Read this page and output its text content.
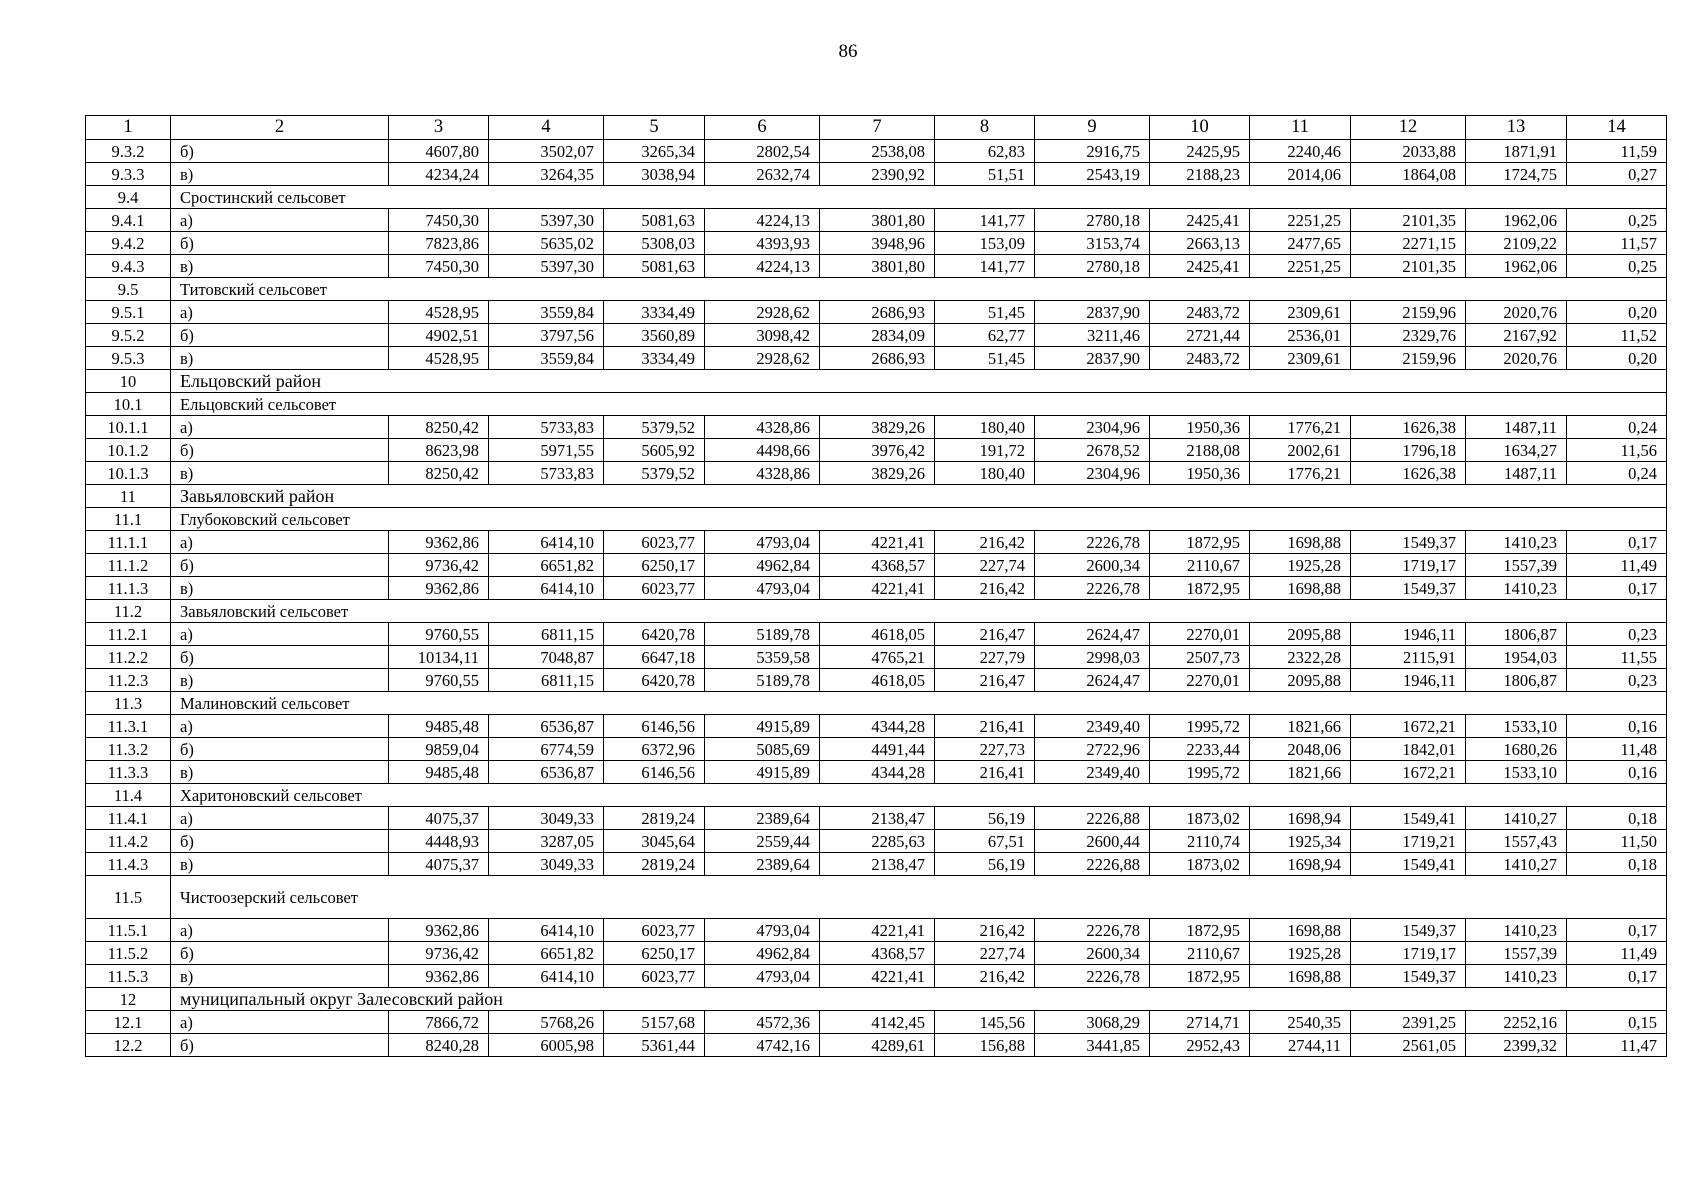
86
1	2	3	4	5	6	7	8	9	10	11	12	13	14
9.3.2	б)	4607,80	3502,07	3265,34	2802,54	2538,08	62,83	2916,75	2425,95	2240,46	2033,88	1871,91	11,59
9.3.3	в)	4234,24	3264,35	3038,94	2632,74	2390,92	51,51	2543,19	2188,23	2014,06	1864,08	1724,75	0,27
9.4	Сростинский сельсовет												
9.4.1	а)	7450,30	5397,30	5081,63	4224,13	3801,80	141,77	2780,18	2425,41	2251,25	2101,35	1962,06	0,25
9.4.2	б)	7823,86	5635,02	5308,03	4393,93	3948,96	153,09	3153,74	2663,13	2477,65	2271,15	2109,22	11,57
9.4.3	в)	7450,30	5397,30	5081,63	4224,13	3801,80	141,77	2780,18	2425,41	2251,25	2101,35	1962,06	0,25
9.5	Титовский сельсовет												
9.5.1	а)	4528,95	3559,84	3334,49	2928,62	2686,93	51,45	2837,90	2483,72	2309,61	2159,96	2020,76	0,20
9.5.2	б)	4902,51	3797,56	3560,89	3098,42	2834,09	62,77	3211,46	2721,44	2536,01	2329,76	2167,92	11,52
9.5.3	в)	4528,95	3559,84	3334,49	2928,62	2686,93	51,45	2837,90	2483,72	2309,61	2159,96	2020,76	0,20
10	Ельцовский район												
10.1	Ельцовский сельсовет												
10.1.1	а)	8250,42	5733,83	5379,52	4328,86	3829,26	180,40	2304,96	1950,36	1776,21	1626,38	1487,11	0,24
10.1.2	б)	8623,98	5971,55	5605,92	4498,66	3976,42	191,72	2678,52	2188,08	2002,61	1796,18	1634,27	11,56
10.1.3	в)	8250,42	5733,83	5379,52	4328,86	3829,26	180,40	2304,96	1950,36	1776,21	1626,38	1487,11	0,24
11	Завьяловский район												
11.1	Глубоковский сельсовет												
11.1.1	а)	9362,86	6414,10	6023,77	4793,04	4221,41	216,42	2226,78	1872,95	1698,88	1549,37	1410,23	0,17
11.1.2	б)	9736,42	6651,82	6250,17	4962,84	4368,57	227,74	2600,34	2110,67	1925,28	1719,17	1557,39	11,49
11.1.3	в)	9362,86	6414,10	6023,77	4793,04	4221,41	216,42	2226,78	1872,95	1698,88	1549,37	1410,23	0,17
11.2	Завьяловский сельсовет												
11.2.1	а)	9760,55	6811,15	6420,78	5189,78	4618,05	216,47	2624,47	2270,01	2095,88	1946,11	1806,87	0,23
11.2.2	б)	10134,11	7048,87	6647,18	5359,58	4765,21	227,79	2998,03	2507,73	2322,28	2115,91	1954,03	11,55
11.2.3	в)	9760,55	6811,15	6420,78	5189,78	4618,05	216,47	2624,47	2270,01	2095,88	1946,11	1806,87	0,23
11.3	Малиновский сельсовет												
11.3.1	а)	9485,48	6536,87	6146,56	4915,89	4344,28	216,41	2349,40	1995,72	1821,66	1672,21	1533,10	0,16
11.3.2	б)	9859,04	6774,59	6372,96	5085,69	4491,44	227,73	2722,96	2233,44	2048,06	1842,01	1680,26	11,48
11.3.3	в)	9485,48	6536,87	6146,56	4915,89	4344,28	216,41	2349,40	1995,72	1821,66	1672,21	1533,10	0,16
11.4	Харитоновский сельсовет												
11.4.1	а)	4075,37	3049,33	2819,24	2389,64	2138,47	56,19	2226,88	1873,02	1698,94	1549,41	1410,27	0,18
11.4.2	б)	4448,93	3287,05	3045,64	2559,44	2285,63	67,51	2600,44	2110,74	1925,34	1719,21	1557,43	11,50
11.4.3	в)	4075,37	3049,33	2819,24	2389,64	2138,47	56,19	2226,88	1873,02	1698,94	1549,41	1410,27	0,18
11.5	Чистоозерский сельсовет												
11.5.1	а)	9362,86	6414,10	6023,77	4793,04	4221,41	216,42	2226,78	1872,95	1698,88	1549,37	1410,23	0,17
11.5.2	б)	9736,42	6651,82	6250,17	4962,84	4368,57	227,74	2600,34	2110,67	1925,28	1719,17	1557,39	11,49
11.5.3	в)	9362,86	6414,10	6023,77	4793,04	4221,41	216,42	2226,78	1872,95	1698,88	1549,37	1410,23	0,17
12	муниципальный округ Залесовский район												
12.1	а)	7866,72	5768,26	5157,68	4572,36	4142,45	145,56	3068,29	2714,71	2540,35	2391,25	2252,16	0,15
12.2	б)	8240,28	6005,98	5361,44	4742,16	4289,61	156,88	3441,85	2952,43	2744,11	2561,05	2399,32	11,47
